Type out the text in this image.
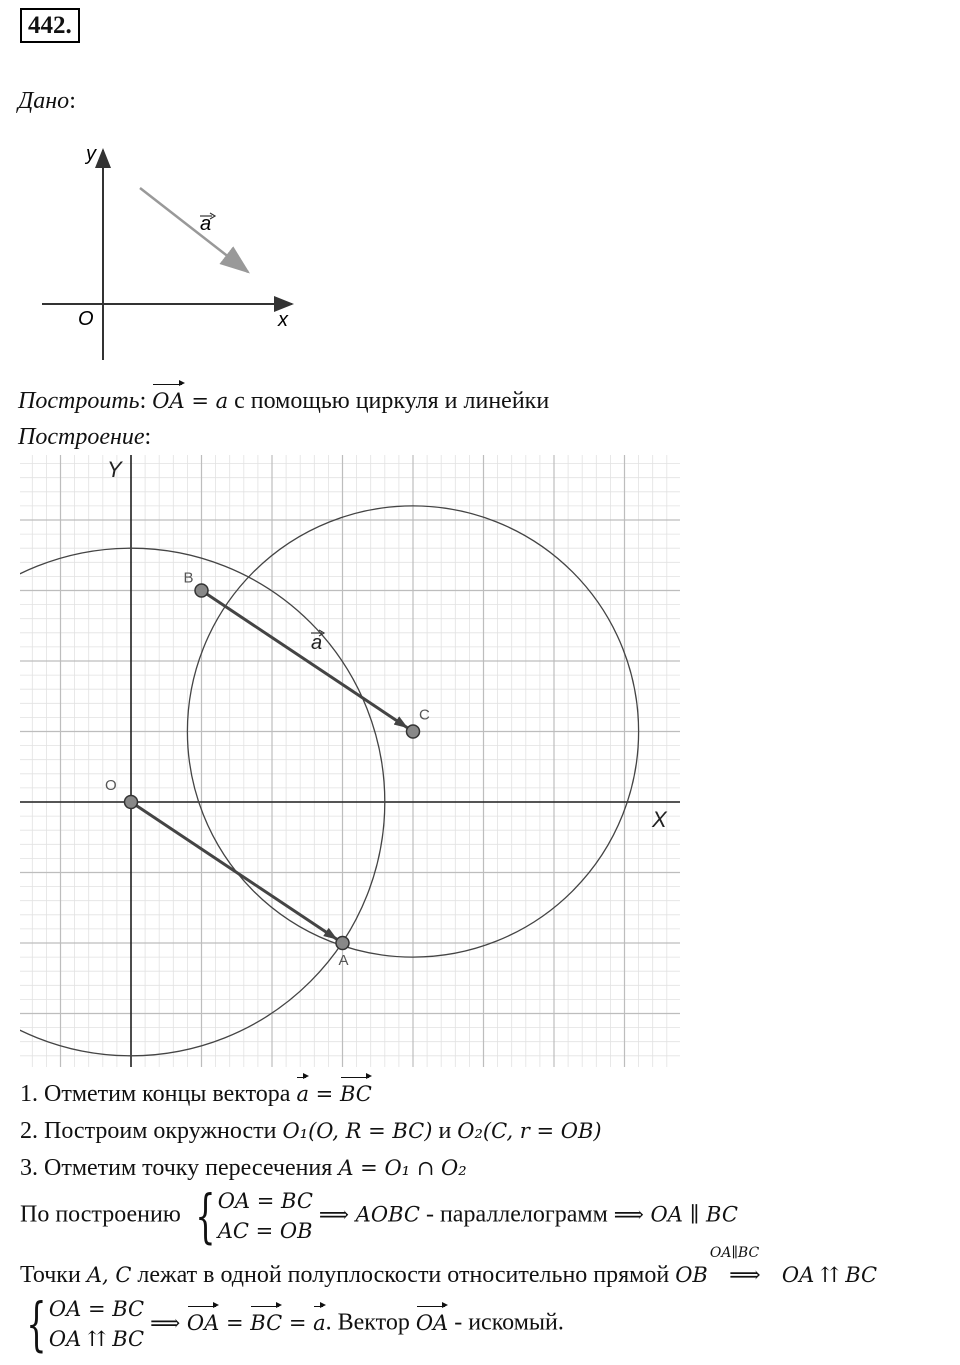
442.
Дано:
y
x
O
a
Построить: OA = a с помощью циркуля и линейки
Построение:
O
A
B
C
X
Y
a
1. Отметим концы вектора a = BC
2. Построим окружности O₁(O, R = BC) и O₂(C, r = OB)
3. Отметим точку пересечения A = O₁ ∩ O₂
По построению { OA = BC
AC = OB ⟹ AOBC - параллелограмм ⟹ OA ∥ BC
Точки A, C лежат в одной полуплоскости относительно прямой OB
OA∥BC
⟹ OA ⇈ BC
{ OA = BC
OA ⇈ BC ⟹ OA = BC = a. Вектор OA - искомый.
